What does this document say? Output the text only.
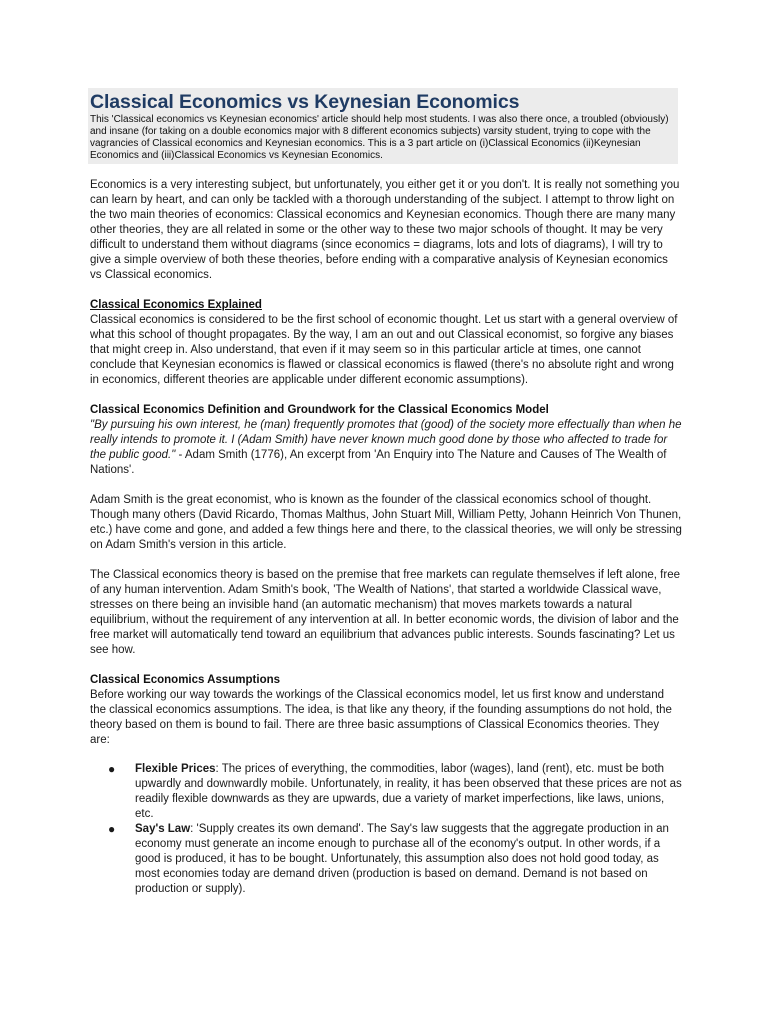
Classical Economics vs Keynesian Economics

This 'Classical economics vs Keynesian economics' article should help most students. I was also there once, a troubled (obviously) and insane (for taking on a double economics major with 8 different economics subjects) varsity student, trying to cope with the vagrancies of Classical economics and Keynesian economics. This is a 3 part article on (i)Classical Economics (ii)Keynesian Economics and (iii)Classical Economics vs Keynesian Economics.

Economics is a very interesting subject, but unfortunately, you either get it or you don't. It is really not something you can learn by heart, and can only be tackled with a thorough understanding of the subject. I attempt to throw light on the two main theories of economics: Classical economics and Keynesian economics. Though there are many many other theories, they are all related in some or the other way to these two major schools of thought. It may be very difficult to understand them without diagrams (since economics = diagrams, lots and lots of diagrams), I will try to give a simple overview of both these theories, before ending with a comparative analysis of Keynesian economics vs Classical economics.

Classical Economics Explained

Classical economics is considered to be the first school of economic thought. Let us start with a general overview of what this school of thought propagates. By the way, I am an out and out Classical economist, so forgive any biases that might creep in. Also understand, that even if it may seem so in this particular article at times, one cannot conclude that Keynesian economics is flawed or classical economics is flawed (there's no absolute right and wrong in economics, different theories are applicable under different economic assumptions).

Classical Economics Definition and Groundwork for the Classical Economics Model

"By pursuing his own interest, he (man) frequently promotes that (good) of the society more effectually than when he really intends to promote it. I (Adam Smith) have never known much good done by those who affected to trade for the public good." - Adam Smith (1776), An excerpt from 'An Enquiry into The Nature and Causes of The Wealth of Nations'.

Adam Smith is the great economist, who is known as the founder of the classical economics school of thought. Though many others (David Ricardo, Thomas Malthus, John Stuart Mill, William Petty, Johann Heinrich Von Thunen, etc.) have come and gone, and added a few things here and there, to the classical theories, we will only be stressing on Adam Smith's version in this article.

The Classical economics theory is based on the premise that free markets can regulate themselves if left alone, free of any human intervention. Adam Smith's book, 'The Wealth of Nations', that started a worldwide Classical wave, stresses on there being an invisible hand (an automatic mechanism) that moves markets towards a natural equilibrium, without the requirement of any intervention at all. In better economic words, the division of labor and the free market will automatically tend toward an equilibrium that advances public interests. Sounds fascinating? Let us see how.

Classical Economics Assumptions

Before working our way towards the workings of the Classical economics model, let us first know and understand the classical economics assumptions. The idea, is that like any theory, if the founding assumptions do not hold, the theory based on them is bound to fail. There are three basic assumptions of Classical Economics theories. They are:

● Flexible Prices: The prices of everything, the commodities, labor (wages), land (rent), etc. must be both upwardly and downwardly mobile. Unfortunately, in reality, it has been observed that these prices are not as readily flexible downwards as they are upwards, due a variety of market imperfections, like laws, unions, etc.
● Say's Law: 'Supply creates its own demand'. The Say's law suggests that the aggregate production in an economy must generate an income enough to purchase all of the economy's output. In other words, if a good is produced, it has to be bought. Unfortunately, this assumption also does not hold good today, as most economies today are demand driven (production is based on demand. Demand is not based on production or supply).
